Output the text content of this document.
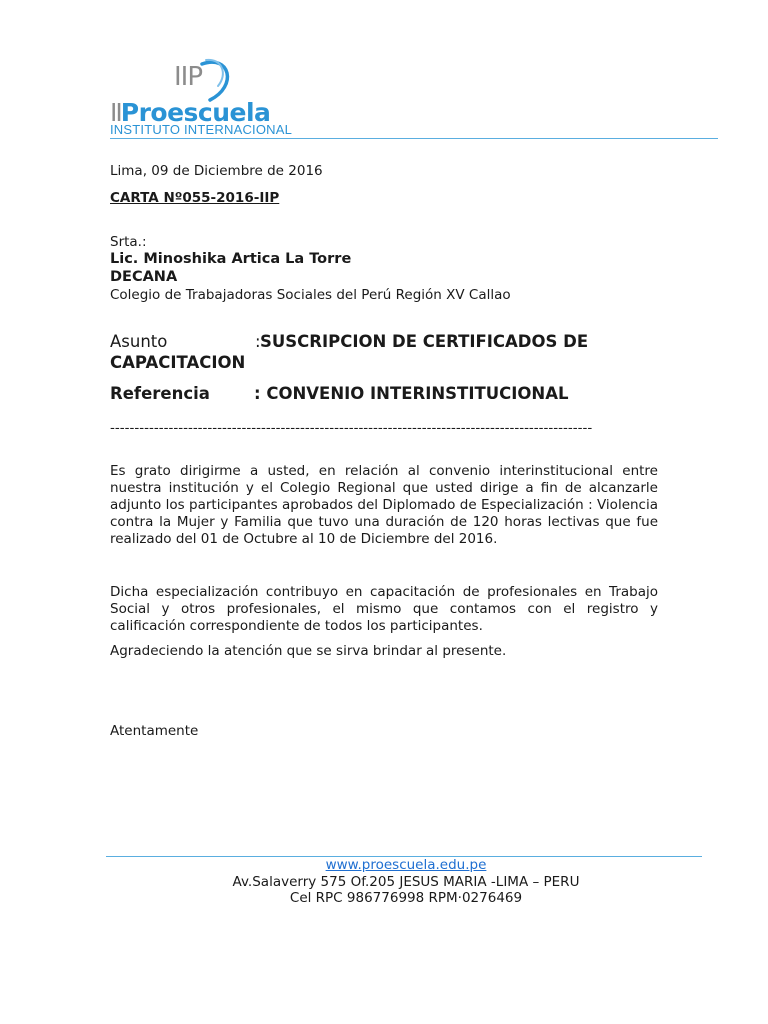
IIP
IIProescuela
INSTITUTO INTERNACIONAL
Lima, 09 de Diciembre de 2016
CARTA Nº055-2016-IIP
Srta.:
Lic. Minoshika Artica La Torre
DECANA
Colegio de Trabajadoras Sociales del Perú Región XV Callao
Asunto	: SUSCRIPCION DE CERTIFICADOS DE
CAPACITACION
Referencia	: CONVENIO INTERINSTITUCIONAL
---------------------------------------------------------------------------------------------------
Es grato dirigirme a usted, en relación al convenio interinstitucional entre nuestra institución y el Colegio Regional que usted dirige a fin de alcanzarle adjunto los participantes aprobados del Diplomado de Especialización : Violencia contra la Mujer y Familia que tuvo una duración de 120 horas lectivas que fue realizado del 01 de Octubre al 10 de Diciembre del 2016.
Dicha especialización contribuyo en capacitación de profesionales en Trabajo Social y otros profesionales, el mismo que contamos con el registro y calificación correspondiente de todos los participantes.
Agradeciendo la atención que se sirva brindar al presente.
Atentamente
www.proescuela.edu.pe
Av.Salaverry 575 Of.205 JESUS MARIA -LIMA – PERU
Cel RPC 986776998 RPM·0276469
